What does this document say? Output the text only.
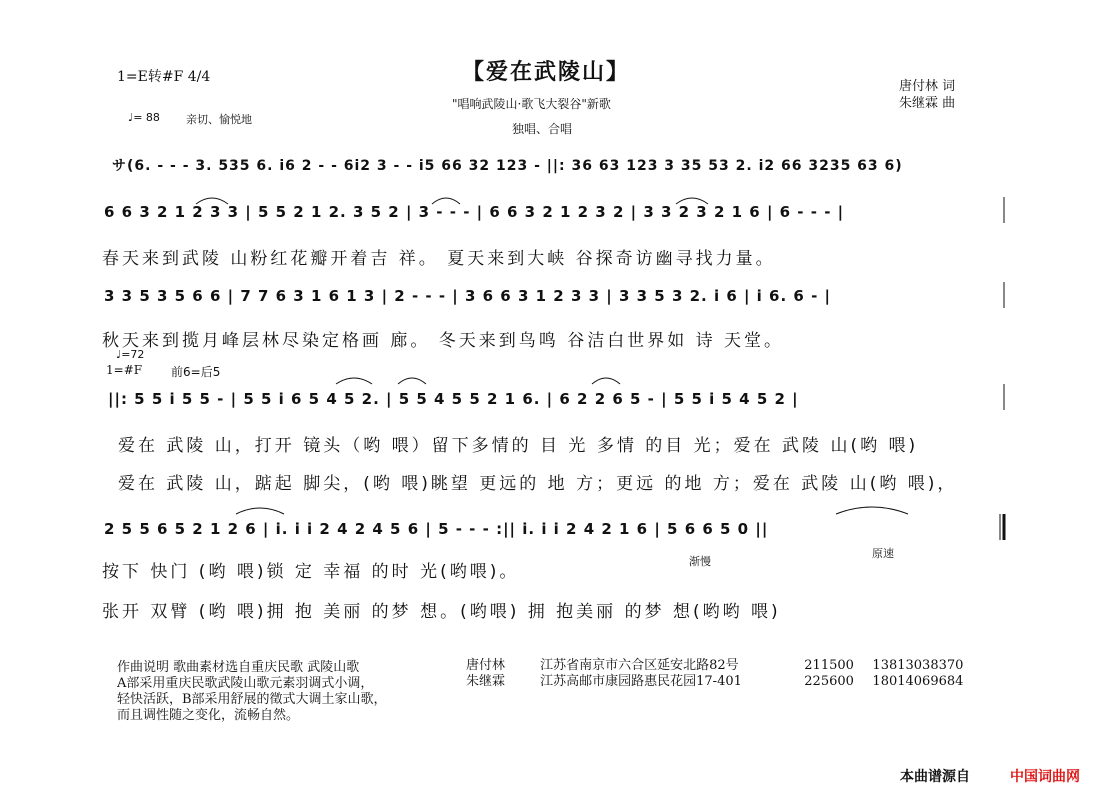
【爱在武陵山】
"唱响武陵山·歌飞大裂谷"新歌
独唱、合唱
唐付林 词
朱继霖 曲
1=E转#F 4/4
♩= 88 亲切、愉悦地
サ(6. - - - 3. 535 6. i6 2 - - 6i2 3 - - i5 66 32 123 - ||: 36 63 123 3 35 53 2. i2 66 3235 63 6)
6 6 3 2 1 2 3 3 | 5 5 2 1 2. 3 5 2 | 3 - - - | 6 6 3 2 1 2 3 2 | 3 3 2 3 2 1 6 | 6 - - - |
春天来到武陵 山粉红花瓣开着吉 祥。 夏天来到大峡 谷探奇访幽寻找力量。
3 3 5 3 5 6 6 | 7 7 6 3 1 6 1 3 | 2 - - - | 3 6 6 3 1 2 3 3 | 3 3 5 3 2. i 6 | i 6. 6 - |
秋天来到揽月峰层林尽染定格画 廊。 冬天来到鸟鸣 谷洁白世界如 诗 天堂。
♩=72
1=#F 前6=后5
||: 5 5 i 5 5 - | 5 5 i 6 5 4 5 2. | 5 5 4 5 5 2 1 6. | 6 2 2 6 5 - | 5 5 i 5 4 5 2 |
爱在 武陵 山，打开 镜头（哟 喂）留下多情的 目 光 多情 的目 光；爱在 武陵 山(哟 喂)
爱在 武陵 山，踮起 脚尖，(哟 喂)眺望 更远的 地 方；更远 的地 方；爱在 武陵 山(哟 喂)，
2 5 5 6 5 2 1 2 6 | i. i i 2 4 2 4 5 6 | 5 - - - :|| i. i i 2 4 2 1 6 | 5 6 6 5 0 ||
渐慢
原速
按下 快门 (哟 喂)锁 定 幸福 的时 光(哟喂)。
张开 双臂 (哟 喂)拥 抱 美丽 的梦 想。(哟喂) 拥 抱美丽 的梦 想(哟哟 喂)
作曲说明 歌曲素材选自重庆民歌 武陵山歌
A部采用重庆民歌武陵山歌元素羽调式小调，
轻快活跃，B部采用舒展的徵式大调土家山歌，
而且调性随之变化，流畅自然。
唐付林	江苏省南京市六合区延安北路82号	211500 13813038370
朱继霖	江苏高邮市康园路惠民花园17-401	225600 18014069684
本曲谱源自	中国词曲网
